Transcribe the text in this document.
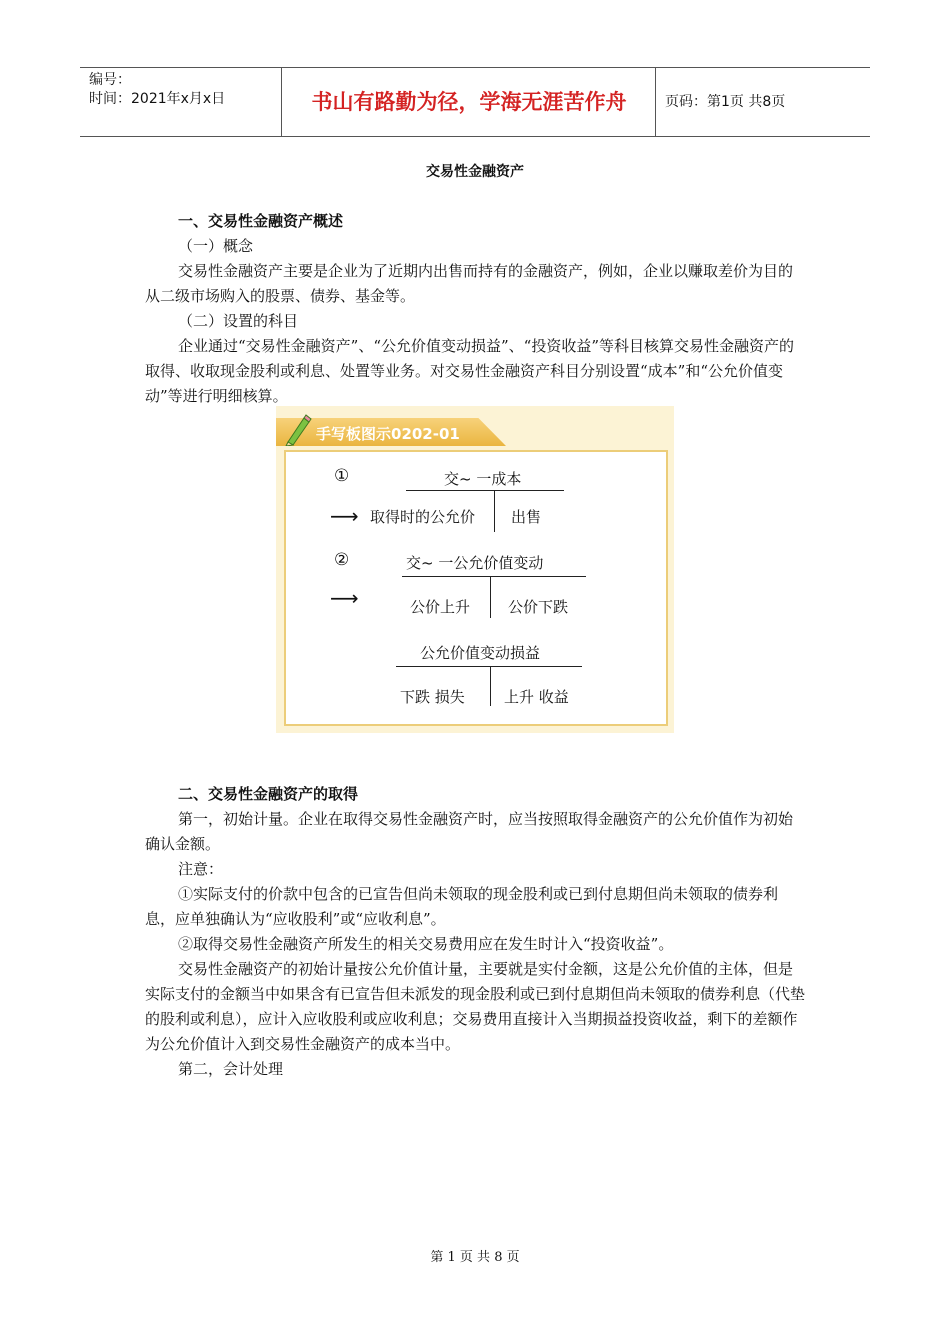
编号：
时间：2021年x月x日	书山有路勤为径，学海无涯苦作舟	页码：第1页 共8页
交易性金融资产
一、交易性金融资产概述
（一）概念
交易性金融资产主要是企业为了近期内出售而持有的金融资产，例如，企业以赚取差价为目的从二级市场购入的股票、债券、基金等。
（二）设置的科目
企业通过“交易性金融资产”、“公允价值变动损益”、“投资收益”等科目核算交易性金融资产的取得、收取现金股利或利息、处置等业务。对交易性金融资产科目分别设置“成本”和“公允价值变动”等进行明细核算。
手写板图示0202-01
①	交~ 一成本
⟶ 取得时的公允价 出售
②	交~ 一公允价值变动
⟶	公价上升	公价下跌
公允价值变动损益
下跌 损失	上升 收益
二、交易性金融资产的取得
第一，初始计量。企业在取得交易性金融资产时，应当按照取得金融资产的公允价值作为初始确认金额。
注意：
①实际支付的价款中包含的已宣告但尚未领取的现金股利或已到付息期但尚未领取的债券利息，应单独确认为“应收股利”或“应收利息”。
②取得交易性金融资产所发生的相关交易费用应在发生时计入“投资收益”。
交易性金融资产的初始计量按公允价值计量，主要就是实付金额，这是公允价值的主体，但是实际支付的金额当中如果含有已宣告但未派发的现金股利或已到付息期但尚未领取的债券利息（代垫的股利或利息），应计入应收股利或应收利息；交易费用直接计入当期损益投资收益，剩下的差额作为公允价值计入到交易性金融资产的成本当中。
第二，会计处理
第 1 页 共 8 页
